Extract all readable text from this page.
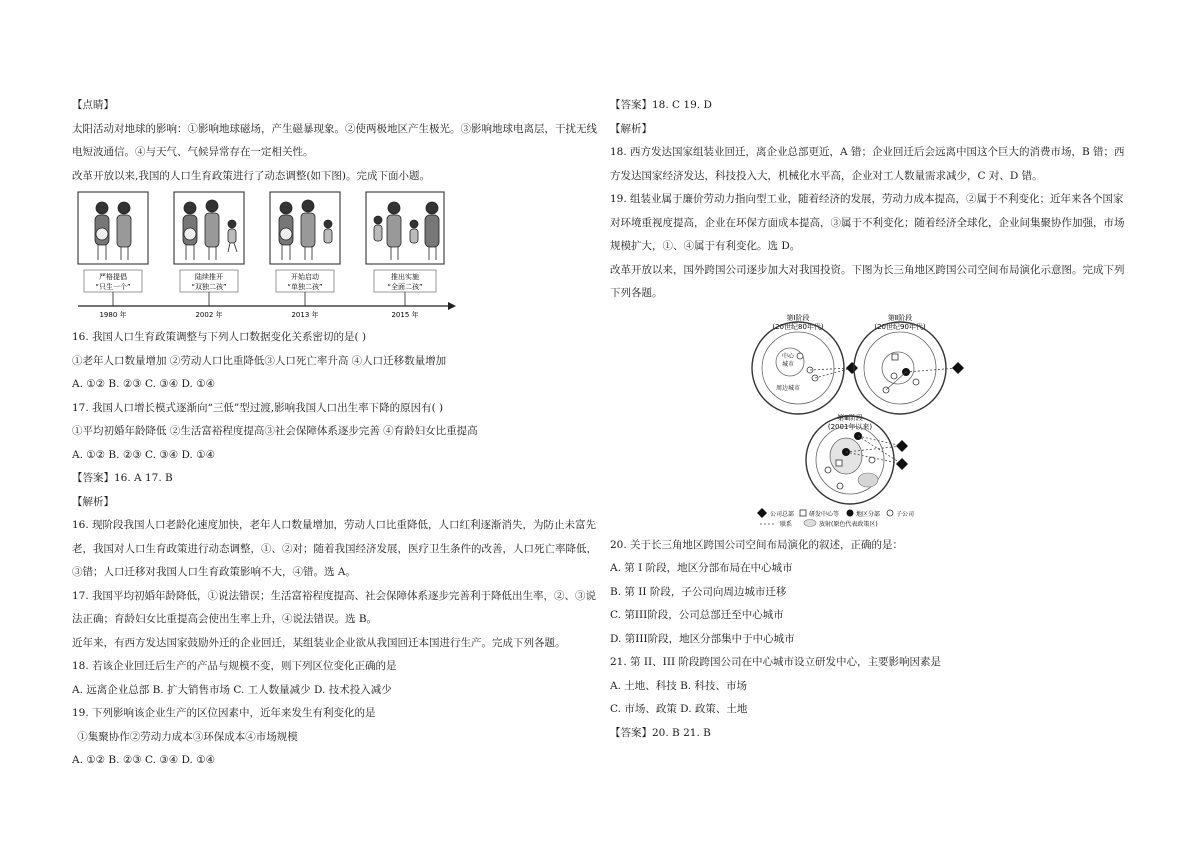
【点睛】

太阳活动对地球的影响：①影响地球磁场，产生磁暴现象。②使两极地区产生极光。③影响地球电离层，干扰无线电短波通信。④与天气、气候异常存在一定相关性。

改革开放以来,我国的人口生育政策进行了动态调整(如下图)。完成下面小题。

严格提倡
“只生一个”
陆续推开
“双独二孩”
开始启动
“单独二孩”
推出实施
“全面二孩”
1980 年	2002 年	2013 年	2015 年

16. 我国人口生育政策调整与下列人口数据变化关系密切的是( )

①老年人口数量增加 ②劳动人口比重降低③人口死亡率升高 ④人口迁移数量增加

A. ①② B. ②③ C. ③④ D. ①④

17. 我国人口增长模式逐渐向“三低”型过渡,影响我国人口出生率下降的原因有( )

①平均初婚年龄降低 ②生活富裕程度提高③社会保障体系逐步完善 ④育龄妇女比重提高

A. ①② B. ②③ C. ③④ D. ①④

【答案】16. A 17. B

【解析】

16. 现阶段我国人口老龄化速度加快，老年人口数量增加，劳动人口比重降低，人口红利逐渐消失，为防止未富先老，我国对人口生育政策进行动态调整，①、②对；随着我国经济发展，医疗卫生条件的改善，人口死亡率降低，③错；人口迁移对我国人口生育政策影响不大，④错。选 A。

17. 我国平均初婚年龄降低，①说法错误；生活富裕程度提高、社会保障体系逐步完善利于降低出生率，②、③说法正确；育龄妇女比重提高会使出生率上升，④说法错误。选 B。

近年来，有西方发达国家鼓励外迁的企业回迁，某组装业企业欲从我国回迁本国进行生产。完成下列各题。

18. 若该企业回迁后生产的产品与规模不变，则下列区位变化正确的是

A. 远离企业总部 B. 扩大销售市场 C. 工人数量减少 D. 技术投入减少

19. 下列影响该企业生产的区位因素中，近年来发生有利变化的是

①集聚协作②劳动力成本③环保成本④市场规模

A. ①② B. ②③ C. ③④ D. ①④

【答案】18. C 19. D

【解析】

18. 西方发达国家组装业回迁，离企业总部更近，A 错；企业回迁后会远离中国这个巨大的消费市场，B 错；西方发达国家经济发达，科技投入大，机械化水平高，企业对工人数量需求减少，C 对、D 错。

19. 组装业属于廉价劳动力指向型工业，随着经济的发展，劳动力成本提高，②属于不利变化；近年来各个国家对环境重视度提高，企业在环保方面成本提高，③属于不利变化；随着经济全球化，企业间集聚协作加强，市场规模扩大，①、④属于有利变化。选 D。

改革开放以来，国外跨国公司逐步加大对我国投资。下图为长三角地区跨国公司空间布局演化示意图。完成下列下列各题。

第Ⅰ阶段
(20世纪80年代)
中心
城市
周边城市
第Ⅱ阶段
(20世纪90年代)
第Ⅲ阶段
(2001年以来)
公司总部 研发中心等	地区分部	子公司
联系	放射(原色代表政策区)

20. 关于长三角地区跨国公司空间布局演化的叙述，正确的是：

A. 第 I 阶段，地区分部布局在中心城市

B. 第 II 阶段，子公司向周边城市迁移

C. 第III阶段，公司总部迁至中心城市

D. 第III阶段，地区分部集中于中心城市

21. 第 II、III 阶段跨国公司在中心城市设立研发中心，主要影响因素是

A. 土地、科技 B. 科技、市场

C. 市场、政策 D. 政策、土地

【答案】20. B 21. B
